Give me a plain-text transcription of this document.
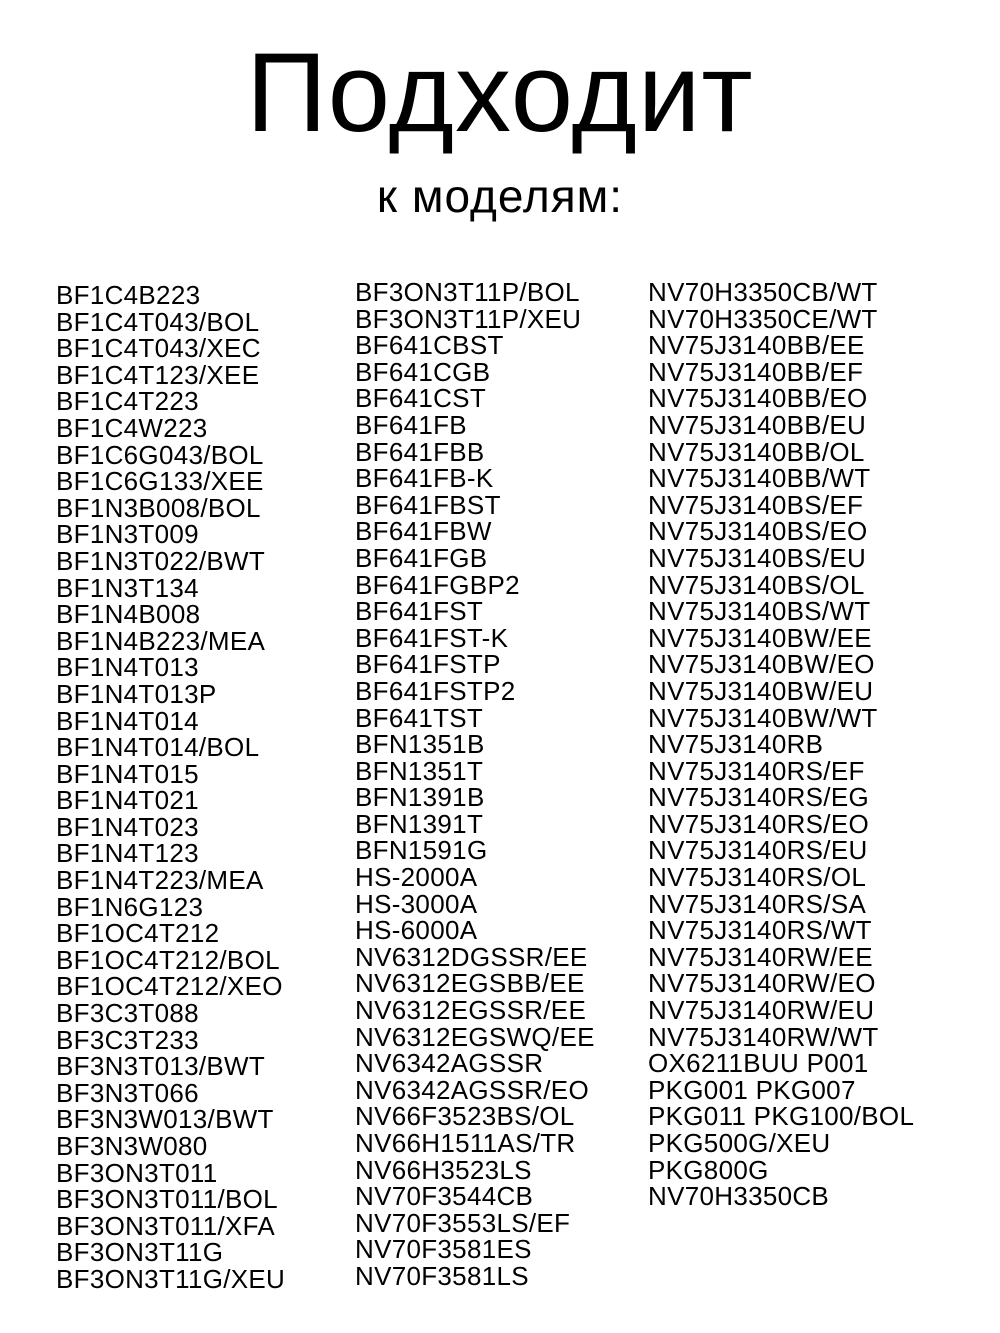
Подходит
к моделям:
BF1C4B223
BF1C4T043/BOL
BF1C4T043/XEC
BF1C4T123/XEE
BF1C4T223
BF1C4W223
BF1C6G043/BOL
BF1C6G133/XEE
BF1N3B008/BOL
BF1N3T009
BF1N3T022/BWT
BF1N3T134
BF1N4B008
BF1N4B223/MEA
BF1N4T013
BF1N4T013P
BF1N4T014
BF1N4T014/BOL
BF1N4T015
BF1N4T021
BF1N4T023
BF1N4T123
BF1N4T223/MEA
BF1N6G123
BF1OC4T212
BF1OC4T212/BOL
BF1OC4T212/XEO
BF3C3T088
BF3C3T233
BF3N3T013/BWT
BF3N3T066
BF3N3W013/BWT
BF3N3W080
BF3ON3T011
BF3ON3T011/BOL
BF3ON3T011/XFA
BF3ON3T11G
BF3ON3T11G/XEU
BF3ON3T11P/BOL
BF3ON3T11P/XEU
BF641CBST
BF641CGB
BF641CST
BF641FB
BF641FBB
BF641FB-K
BF641FBST
BF641FBW
BF641FGB
BF641FGBP2
BF641FST
BF641FST-K
BF641FSTP
BF641FSTP2
BF641TST
BFN1351B
BFN1351T
BFN1391B
BFN1391T
BFN1591G
HS-2000A
HS-3000A
HS-6000A
NV6312DGSSR/EE
NV6312EGSBB/EE
NV6312EGSSR/EE
NV6312EGSWQ/EE
NV6342AGSSR
NV6342AGSSR/EO
NV66F3523BS/OL
NV66H1511AS/TR
NV66H3523LS
NV70F3544CB
NV70F3553LS/EF
NV70F3581ES
NV70F3581LS
NV70H3350CB/WT
NV70H3350CE/WT
NV75J3140BB/EE
NV75J3140BB/EF
NV75J3140BB/EO
NV75J3140BB/EU
NV75J3140BB/OL
NV75J3140BB/WT
NV75J3140BS/EF
NV75J3140BS/EO
NV75J3140BS/EU
NV75J3140BS/OL
NV75J3140BS/WT
NV75J3140BW/EE
NV75J3140BW/EO
NV75J3140BW/EU
NV75J3140BW/WT
NV75J3140RB
NV75J3140RS/EF
NV75J3140RS/EG
NV75J3140RS/EO
NV75J3140RS/EU
NV75J3140RS/OL
NV75J3140RS/SA
NV75J3140RS/WT
NV75J3140RW/EE
NV75J3140RW/EO
NV75J3140RW/EU
NV75J3140RW/WT
OX6211BUU P001
PKG001 PKG007
PKG011 PKG100/BOL
PKG500G/XEU
PKG800G
NV70H3350CB
